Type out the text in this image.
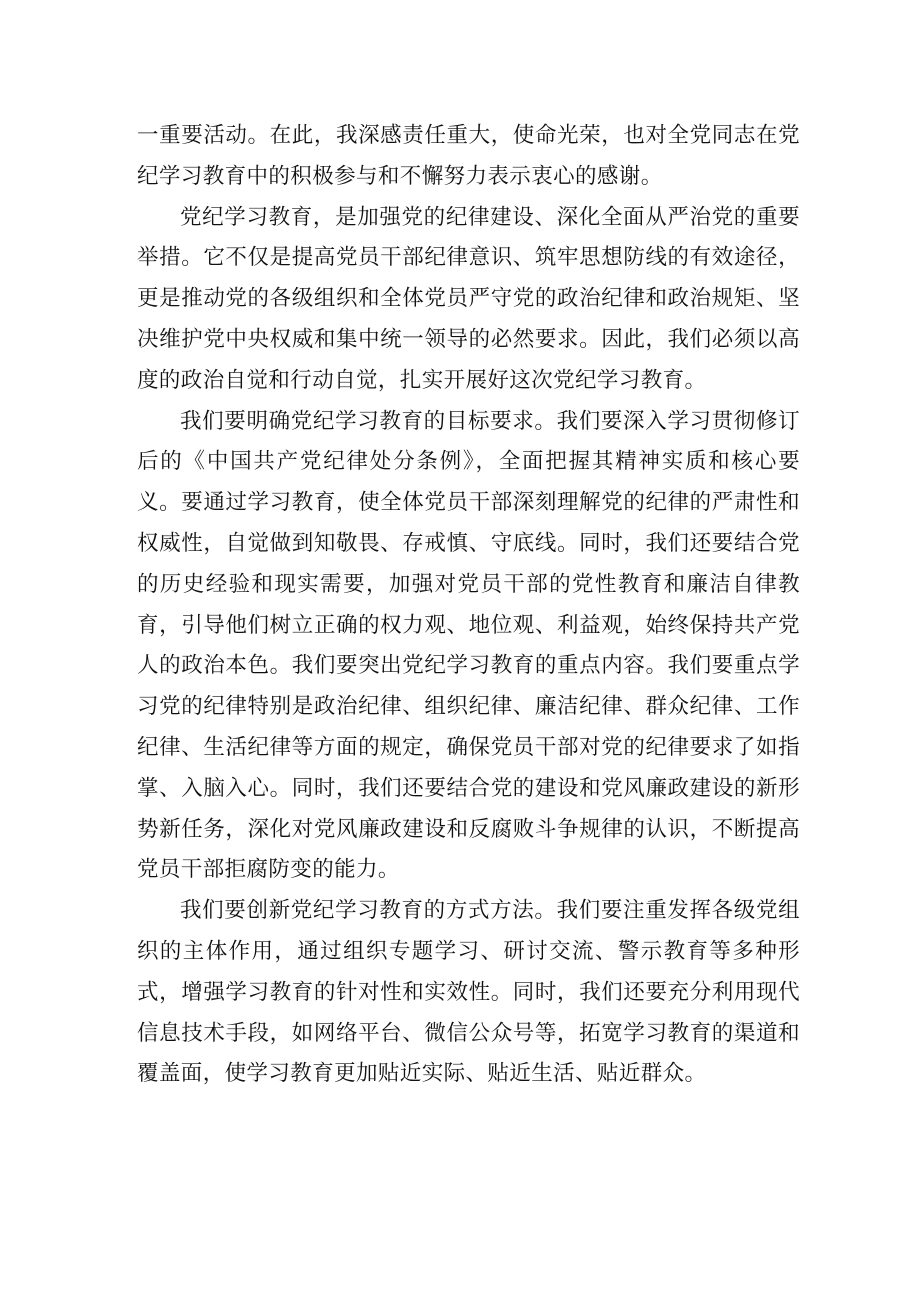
一重要活动。在此，我深感责任重大，使命光荣，也对全党同志在党纪学习教育中的积极参与和不懈努力表示衷心的感谢。

党纪学习教育，是加强党的纪律建设、深化全面从严治党的重要举措。它不仅是提高党员干部纪律意识、筑牢思想防线的有效途径，更是推动党的各级组织和全体党员严守党的政治纪律和政治规矩、坚决维护党中央权威和集中统一领导的必然要求。因此，我们必须以高度的政治自觉和行动自觉，扎实开展好这次党纪学习教育。

我们要明确党纪学习教育的目标要求。我们要深入学习贯彻修订后的《中国共产党纪律处分条例》，全面把握其精神实质和核心要义。要通过学习教育，使全体党员干部深刻理解党的纪律的严肃性和权威性，自觉做到知敬畏、存戒慎、守底线。同时，我们还要结合党的历史经验和现实需要，加强对党员干部的党性教育和廉洁自律教育，引导他们树立正确的权力观、地位观、利益观，始终保持共产党人的政治本色。我们要突出党纪学习教育的重点内容。我们要重点学习党的纪律特别是政治纪律、组织纪律、廉洁纪律、群众纪律、工作纪律、生活纪律等方面的规定，确保党员干部对党的纪律要求了如指掌、入脑入心。同时，我们还要结合党的建设和党风廉政建设的新形势新任务，深化对党风廉政建设和反腐败斗争规律的认识，不断提高党员干部拒腐防变的能力。

我们要创新党纪学习教育的方式方法。我们要注重发挥各级党组织的主体作用，通过组织专题学习、研讨交流、警示教育等多种形式，增强学习教育的针对性和实效性。同时，我们还要充分利用现代信息技术手段，如网络平台、微信公众号等，拓宽学习教育的渠道和覆盖面，使学习教育更加贴近实际、贴近生活、贴近群众。
